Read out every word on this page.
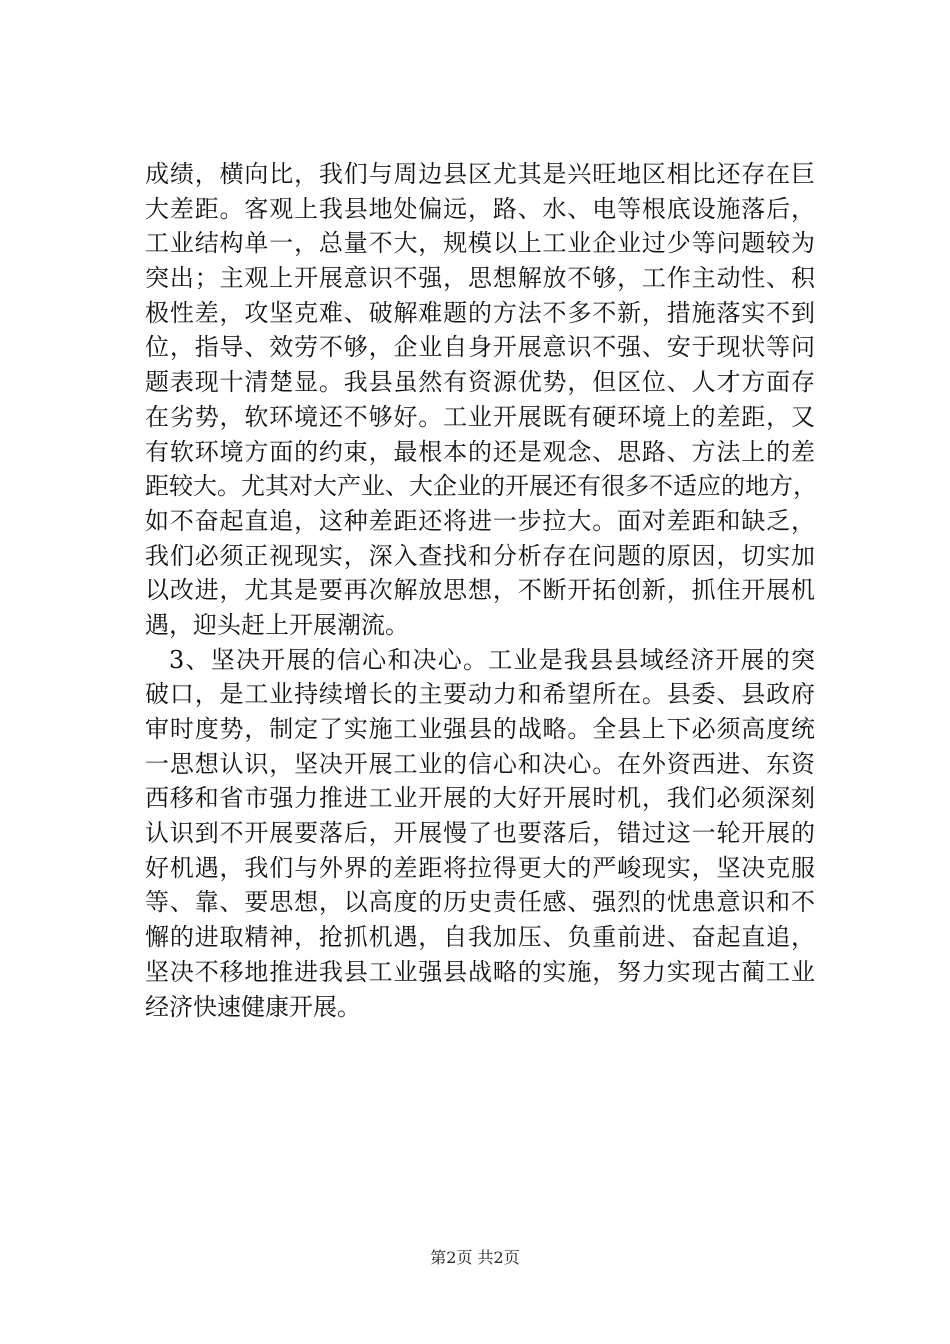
成绩，横向比，我们与周边县区尤其是兴旺地区相比还存在巨
大差距。客观上我县地处偏远，路、水、电等根底设施落后，
工业结构单一，总量不大，规模以上工业企业过少等问题较为
突出；主观上开展意识不强，思想解放不够，工作主动性、积
极性差，攻坚克难、破解难题的方法不多不新，措施落实不到
位，指导、效劳不够，企业自身开展意识不强、安于现状等问
题表现十清楚显。我县虽然有资源优势，但区位、人才方面存
在劣势，软环境还不够好。工业开展既有硬环境上的差距，又
有软环境方面的约束，最根本的还是观念、思路、方法上的差
距较大。尤其对大产业、大企业的开展还有很多不适应的地方，
如不奋起直追，这种差距还将进一步拉大。面对差距和缺乏，
我们必须正视现实，深入查找和分析存在问题的原因，切实加
以改进，尤其是要再次解放思想，不断开拓创新，抓住开展机
遇，迎头赶上开展潮流。
3、坚决开展的信心和决心。工业是我县县域经济开展的突
破口，是工业持续增长的主要动力和希望所在。县委、县政府
审时度势，制定了实施工业强县的战略。全县上下必须高度统
一思想认识，坚决开展工业的信心和决心。在外资西进、东资
西移和省市强力推进工业开展的大好开展时机，我们必须深刻
认识到不开展要落后，开展慢了也要落后，错过这一轮开展的
好机遇，我们与外界的差距将拉得更大的严峻现实，坚决克服
等、靠、要思想，以高度的历史责任感、强烈的忧患意识和不
懈的进取精神，抢抓机遇，自我加压、负重前进、奋起直追，
坚决不移地推进我县工业强县战略的实施，努力实现古蔺工业
经济快速健康开展。
第2页 共2页
